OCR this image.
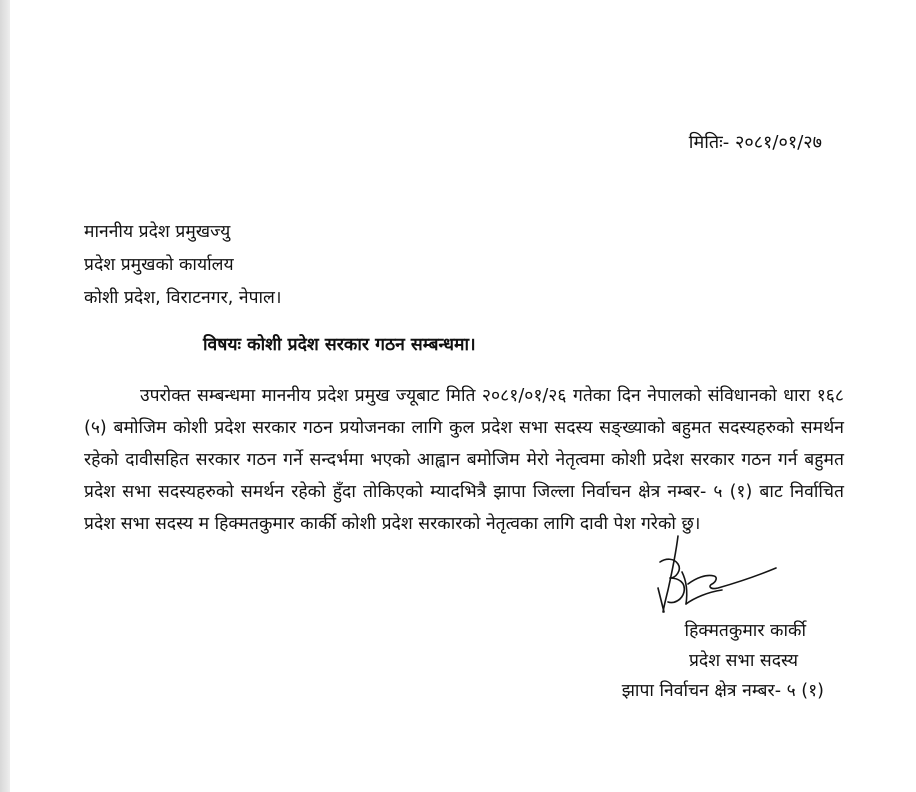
मितिः- २०८१/०१/२७
माननीय प्रदेश प्रमुखज्यु
प्रदेश प्रमुखको कार्यालय
कोशी प्रदेश, विराटनगर, नेपाल।
विषयः कोशी प्रदेश सरकार गठन सम्बन्धमा।
उपरोक्त सम्बन्धमा माननीय प्रदेश प्रमुख ज्यूबाट मिति २०८१/०१/२६ गतेका दिन नेपालको संविधानको धारा १६८ (५) बमोजिम कोशी प्रदेश सरकार गठन प्रयोजनका लागि कुल प्रदेश सभा सदस्य सङ्ख्याको बहुमत सदस्यहरुको समर्थन रहेको दावीसहित सरकार गठन गर्ने सन्दर्भमा भएको आह्वान बमोजिम मेरो नेतृत्वमा कोशी प्रदेश सरकार गठन गर्न बहुमत प्रदेश सभा सदस्यहरुको समर्थन रहेको हुँदा तोकिएको म्यादभित्रै झापा जिल्ला निर्वाचन क्षेत्र नम्बर- ५ (१) बाट निर्वाचित प्रदेश सभा सदस्य म हिक्मतकुमार कार्की कोशी प्रदेश सरकारको नेतृत्वका लागि दावी पेश गरेको छु।
हिक्मतकुमार कार्की
प्रदेश सभा सदस्य
झापा निर्वाचन क्षेत्र नम्बर- ५ (१)
